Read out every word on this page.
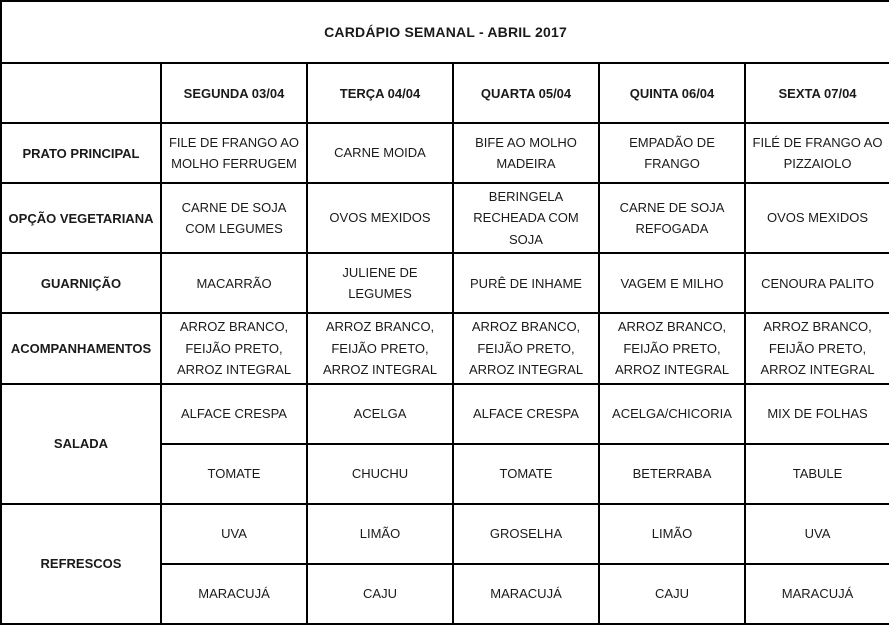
CARDÁPIO SEMANAL - ABRIL 2017					
	SEGUNDA 03/04	TERÇA 04/04	QUARTA 05/04	QUINTA 06/04	SEXTA 07/04
PRATO PRINCIPAL	FILE DE FRANGO AO MOLHO FERRUGEM	CARNE MOIDA	BIFE AO MOLHO MADEIRA	EMPADÃO DE FRANGO	FILÉ DE FRANGO AO PIZZAIOLO
OPÇÃO VEGETARIANA	CARNE DE SOJA COM LEGUMES	OVOS MEXIDOS	BERINGELA RECHEADA COM SOJA	CARNE DE SOJA REFOGADA	OVOS MEXIDOS
GUARNIÇÃO	MACARRÃO	JULIENE DE LEGUMES	PURÊ DE INHAME	VAGEM E MILHO	CENOURA PALITO
ACOMPANHAMENTOS	ARROZ BRANCO, FEIJÃO PRETO, ARROZ INTEGRAL	ARROZ BRANCO, FEIJÃO PRETO, ARROZ INTEGRAL	ARROZ BRANCO, FEIJÃO PRETO, ARROZ INTEGRAL	ARROZ BRANCO, FEIJÃO PRETO, ARROZ INTEGRAL	ARROZ BRANCO, FEIJÃO PRETO, ARROZ INTEGRAL
SALADA	ALFACE CRESPA	ACELGA	ALFACE CRESPA	ACELGA/CHICORIA	MIX DE FOLHAS
	TOMATE	CHUCHU	TOMATE	BETERRABA	TABULE
REFRESCOS	UVA	LIMÃO	GROSELHA	LIMÃO	UVA
	MARACUJÁ	CAJU	MARACUJÁ	CAJU	MARACUJÁ
